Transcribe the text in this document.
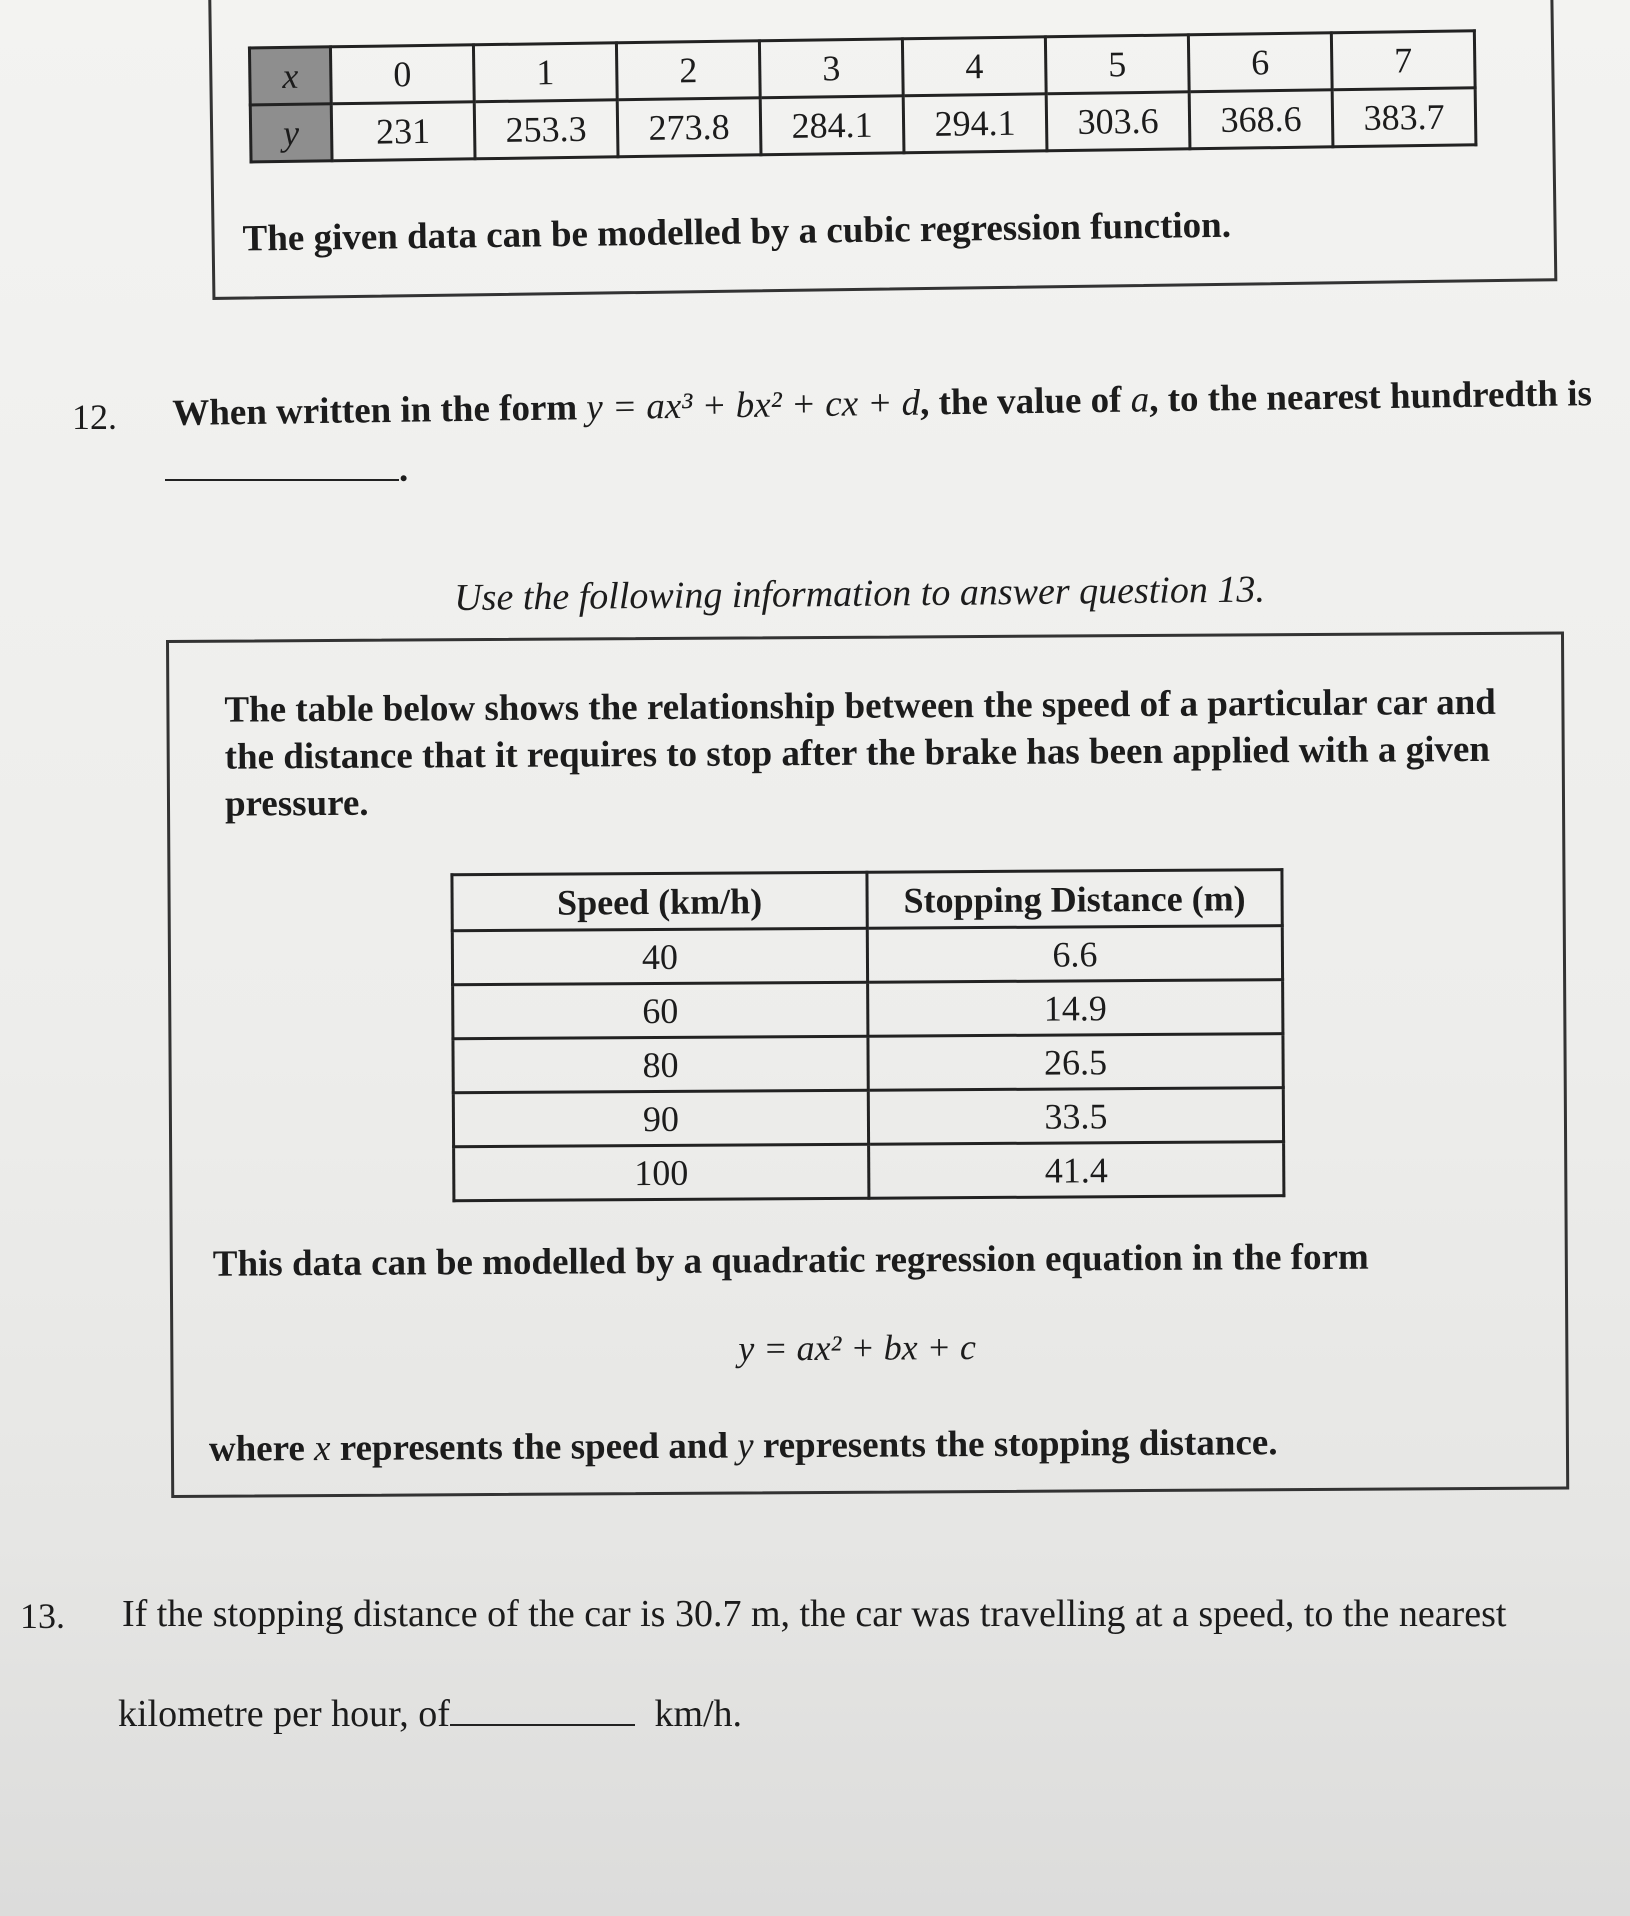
x	0	1	2	3	4	5	6	7
y	231	253.3	273.8	284.1	294.1	303.6	368.6	383.7
The given data can be modelled by a cubic regression function.
12. When written in the form y = ax³ + bx² + cx + d, the value of a, to the nearest hundredth is
.
Use the following information to answer question 13.
The table below shows the relationship between the speed of a particular car and the distance that it requires to stop after the brake has been applied with a given pressure.
Speed (km/h)	Stopping Distance (m)
40	6.6
60	14.9
80	26.5
90	33.5
100	41.4
This data can be modelled by a quadratic regression equation in the form
y = ax² + bx + c
where x represents the speed and y represents the stopping distance.
13. If the stopping distance of the car is 30.7 m, the car was travelling at a speed, to the nearest
kilometre per hour, of	km/h.
